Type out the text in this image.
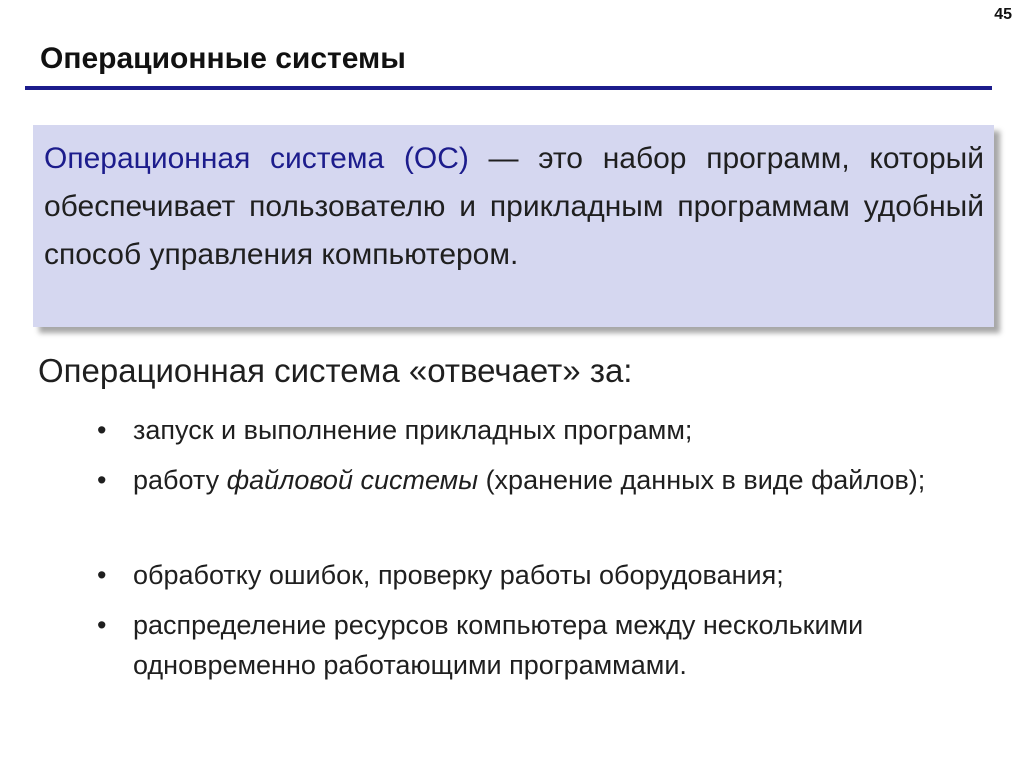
45
Операционные системы

Операционная система (ОС) — это набор программ, который обеспечивает пользователю и прикладным программам удобный способ управления компьютером.

Операционная система «отвечает» за:

• запуск и выполнение прикладных программ;
• работу файловой системы (хранение данных в виде файлов);
• обработку ошибок, проверку работы оборудования;
• распределение ресурсов компьютера между несколькими одновременно работающими программами.
